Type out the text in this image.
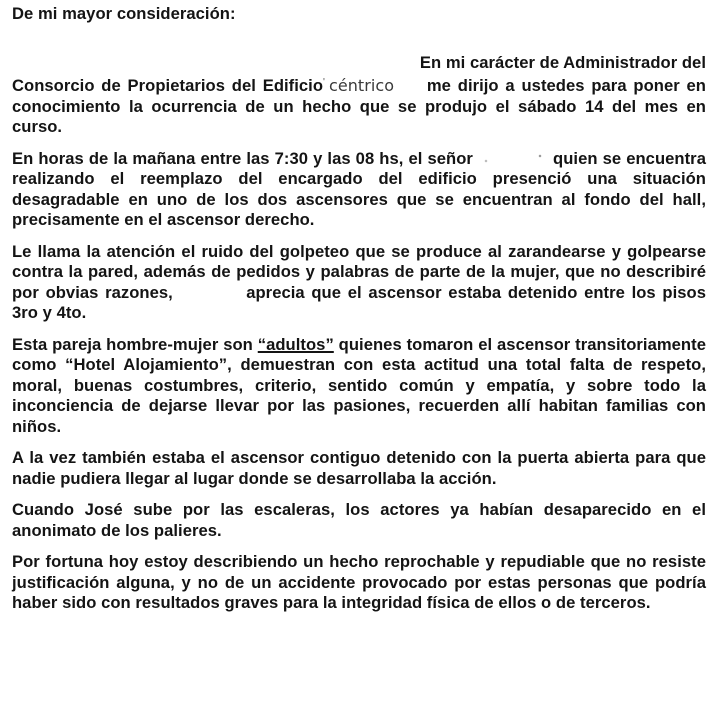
De mi mayor consideración:

En mi carácter de Administrador del
Consorcio de Propietarios del Edificio' céntrico me dirijo a ustedes para poner en conocimiento la ocurrencia de un hecho que se produjo el sábado 14 del mes en curso.

En horas de la mañana entre las 7:30 y las 08 hs, el señor	quien se encuentra realizando el reemplazo del encargado del edificio presenció una situación desagradable en uno de los dos ascensores que se encuentran al fondo del hall, precisamente en el ascensor derecho.

Le llama la atención el ruido del golpeteo que se produce al zarandearse y golpearse contra la pared, además de pedidos y palabras de parte de la mujer, que no describiré por obvias razones,	aprecia que el ascensor estaba detenido entre los pisos 3ro y 4to.

Esta pareja hombre-mujer son “adultos” quienes tomaron el ascensor transitoriamente como “Hotel Alojamiento”, demuestran con esta actitud una total falta de respeto, moral, buenas costumbres, criterio, sentido común y empatía, y sobre todo la inconciencia de dejarse llevar por las pasiones, recuerden allí habitan familias con niños.

A la vez también estaba el ascensor contiguo detenido con la puerta abierta para que nadie pudiera llegar al lugar donde se desarrollaba la acción.

Cuando José sube por las escaleras, los actores ya habían desaparecido en el anonimato de los palieres.

Por fortuna hoy estoy describiendo un hecho reprochable y repudiable que no resiste justificación alguna, y no de un accidente provocado por estas personas que podría haber sido con resultados graves para la integridad física de ellos o de terceros.
